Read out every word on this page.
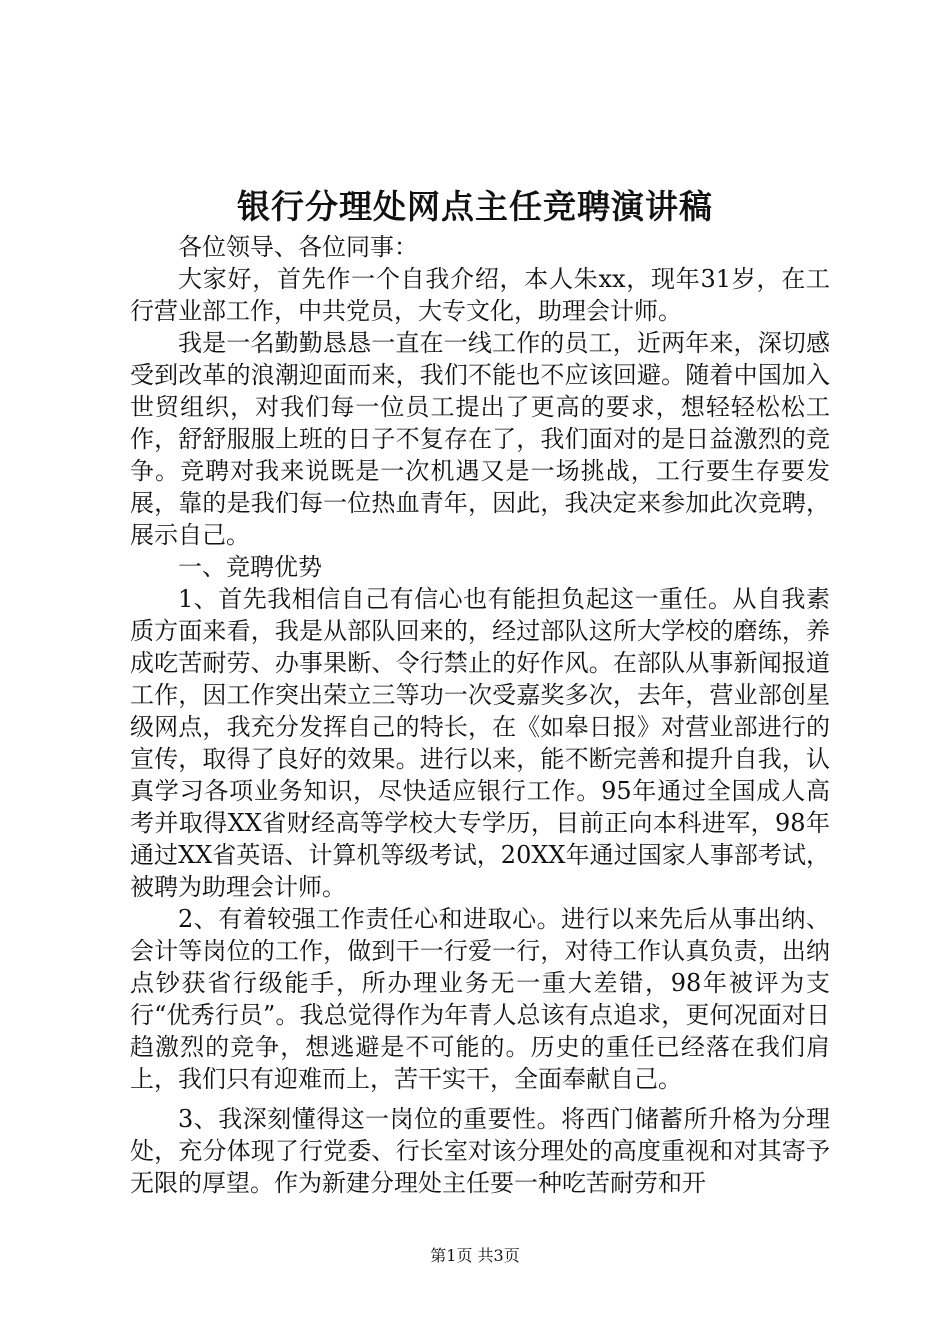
银行分理处网点主任竞聘演讲稿

各位领导、各位同事：

大家好，首先作一个自我介绍，本人朱xx，现年31岁，在工行营业部工作，中共党员，大专文化，助理会计师。

我是一名勤勤恳恳一直在一线工作的员工，近两年来，深切感受到改革的浪潮迎面而来，我们不能也不应该回避。随着中国加入世贸组织，对我们每一位员工提出了更高的要求，想轻轻松松工作，舒舒服服上班的日子不复存在了，我们面对的是日益激烈的竞争。竞聘对我来说既是一次机遇又是一场挑战，工行要生存要发展，靠的是我们每一位热血青年，因此，我决定来参加此次竞聘，展示自己。

一、竞聘优势

1、首先我相信自己有信心也有能担负起这一重任。从自我素质方面来看，我是从部队回来的，经过部队这所大学校的磨练，养成吃苦耐劳、办事果断、令行禁止的好作风。在部队从事新闻报道工作，因工作突出荣立三等功一次受嘉奖多次，去年，营业部创星级网点，我充分发挥自己的特长，在《如皋日报》对营业部进行的宣传，取得了良好的效果。进行以来，能不断完善和提升自我，认真学习各项业务知识，尽快适应银行工作。95年通过全国成人高考并取得XX省财经高等学校大专学历，目前正向本科进军，98年通过XX省英语、计算机等级考试，20XX年通过国家人事部考试，被聘为助理会计师。

2、有着较强工作责任心和进取心。进行以来先后从事出纳、会计等岗位的工作，做到干一行爱一行，对待工作认真负责，出纳点钞获省行级能手，所办理业务无一重大差错，98年被评为支行“优秀行员”。我总觉得作为年青人总该有点追求，更何况面对日趋激烈的竞争，想逃避是不可能的。历史的重任已经落在我们肩上，我们只有迎难而上，苦干实干，全面奉献自己。

3、我深刻懂得这一岗位的重要性。将西门储蓄所升格为分理处，充分体现了行党委、行长室对该分理处的高度重视和对其寄予无限的厚望。作为新建分理处主任要一种吃苦耐劳和开

第1页 共3页
